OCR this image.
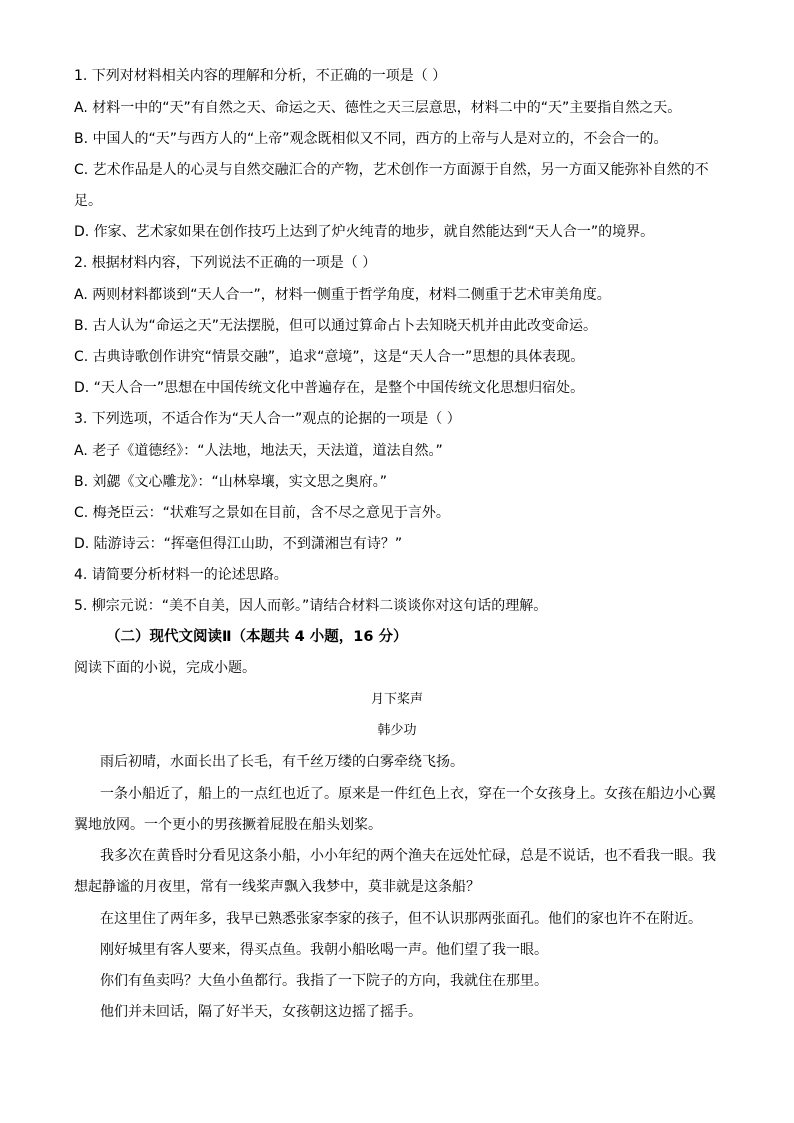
1. 下列对材料相关内容的理解和分析，不正确的一项是（ ）
A. 材料一中的“天”有自然之天、命运之天、德性之天三层意思，材料二中的“天”主要指自然之天。
B. 中国人的“天”与西方人的“上帝”观念既相似又不同，西方的上帝与人是对立的，不会合一的。
C. 艺术作品是人的心灵与自然交融汇合的产物，艺术创作一方面源于自然，另一方面又能弥补自然的不
足。
D. 作家、艺术家如果在创作技巧上达到了炉火纯青的地步，就自然能达到“天人合一”的境界。
2. 根据材料内容，下列说法不正确的一项是（ ）
A. 两则材料都谈到“天人合一”，材料一侧重于哲学角度，材料二侧重于艺术审美角度。
B. 古人认为“命运之天”无法摆脱，但可以通过算命占卜去知晓天机并由此改变命运。
C. 古典诗歌创作讲究“情景交融”，追求“意境”，这是“天人合一”思想的具体表现。
D. “天人合一”思想在中国传统文化中普遍存在，是整个中国传统文化思想归宿处。
3. 下列选项，不适合作为“天人合一”观点的论据的一项是（ ）
A. 老子《道德经》：“人法地，地法天，天法道，道法自然。”
B. 刘勰《文心雕龙》：“山林皋壤，实文思之奥府。”
C. 梅尧臣云：“状难写之景如在目前，含不尽之意见于言外。
D. 陆游诗云：“挥毫但得江山助，不到潇湘岂有诗？”
4. 请简要分析材料一的论述思路。
5. 柳宗元说：“美不自美，因人而彰。”请结合材料二谈谈你对这句话的理解。
（二）现代文阅读Ⅱ（本题共 4 小题，16 分）
阅读下面的小说，完成小题。
月下桨声
韩少功
雨后初晴，水面长出了长毛，有千丝万缕的白雾牵绕飞扬。
一条小船近了，船上的一点红也近了。原来是一件红色上衣，穿在一个女孩身上。女孩在船边小心翼
翼地放网。一个更小的男孩撅着屁股在船头划桨。
我多次在黄昏时分看见这条小船，小小年纪的两个渔夫在远处忙碌，总是不说话，也不看我一眼。我
想起静谧的月夜里，常有一线桨声飘入我梦中，莫非就是这条船？
在这里住了两年多，我早已熟悉张家李家的孩子，但不认识那两张面孔。他们的家也许不在附近。
刚好城里有客人要来，得买点鱼。我朝小船吆喝一声。他们望了我一眼。
你们有鱼卖吗？大鱼小鱼都行。我指了一下院子的方向，我就住在那里。
他们并未回话，隔了好半天，女孩朝这边摇了摇手。
